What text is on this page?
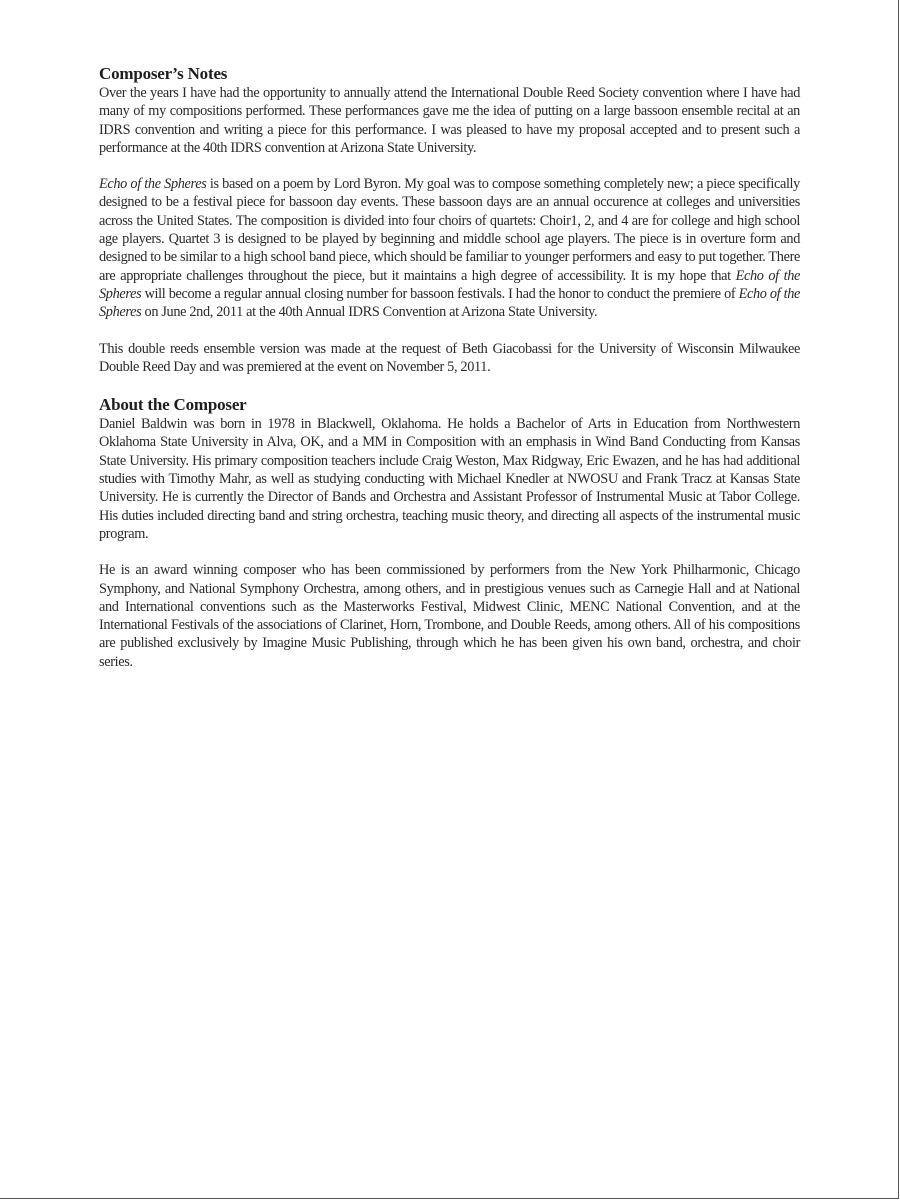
Composer’s Notes

Over the years I have had the opportunity to annually attend the International Double Reed Society convention where I have had many of my compositions performed. These performances gave me the idea of putting on a large bassoon ensemble recital at an IDRS convention and writing a piece for this performance. I was pleased to have my proposal accepted and to present such a performance at the 40th IDRS convention at Arizona State University.

Echo of the Spheres is based on a poem by Lord Byron. My goal was to compose something completely new; a piece specifically designed to be a festival piece for bassoon day events. These bassoon days are an annual occurence at colleges and universities across the United States. The composition is divided into four choirs of quartets: Choir1, 2, and 4 are for college and high school age players. Quartet 3 is designed to be played by beginning and middle school age players. The piece is in overture form and designed to be similar to a high school band piece, which should be familiar to younger performers and easy to put together. There are appropriate challenges throughout the piece, but it maintains a high degree of accessibility. It is my hope that Echo of the Spheres will become a regular annual closing number for bassoon festivals. I had the honor to conduct the premiere of Echo of the Spheres on June 2nd, 2011 at the 40th Annual IDRS Convention at Arizona State University.

This double reeds ensemble version was made at the request of Beth Giacobassi for the University of Wisconsin Milwaukee Double Reed Day and was premiered at the event on November 5, 2011.

About the Composer

Daniel Baldwin was born in 1978 in Blackwell, Oklahoma. He holds a Bachelor of Arts in Education from Northwestern Oklahoma State University in Alva, OK, and a MM in Composition with an emphasis in Wind Band Conducting from Kansas State University. His primary composition teachers include Craig Weston, Max Ridgway, Eric Ewazen, and he has had additional studies with Timothy Mahr, as well as studying conducting with Michael Knedler at NWOSU and Frank Tracz at Kansas State University. He is currently the Director of Bands and Orchestra and Assistant Professor of Instrumental Music at Tabor College. His duties included directing band and string orchestra, teaching music theory, and directing all aspects of the instrumental music program.

He is an award winning composer who has been commissioned by performers from the New York Philharmonic, Chicago Symphony, and National Symphony Orchestra, among others, and in prestigious venues such as Carnegie Hall and at National and International conventions such as the Masterworks Festival, Midwest Clinic, MENC National Convention, and at the International Festivals of the associations of Clarinet, Horn, Trombone, and Double Reeds, among others. All of his compositions are published exclusively by Imagine Music Publishing, through which he has been given his own band, orchestra, and choir series.
